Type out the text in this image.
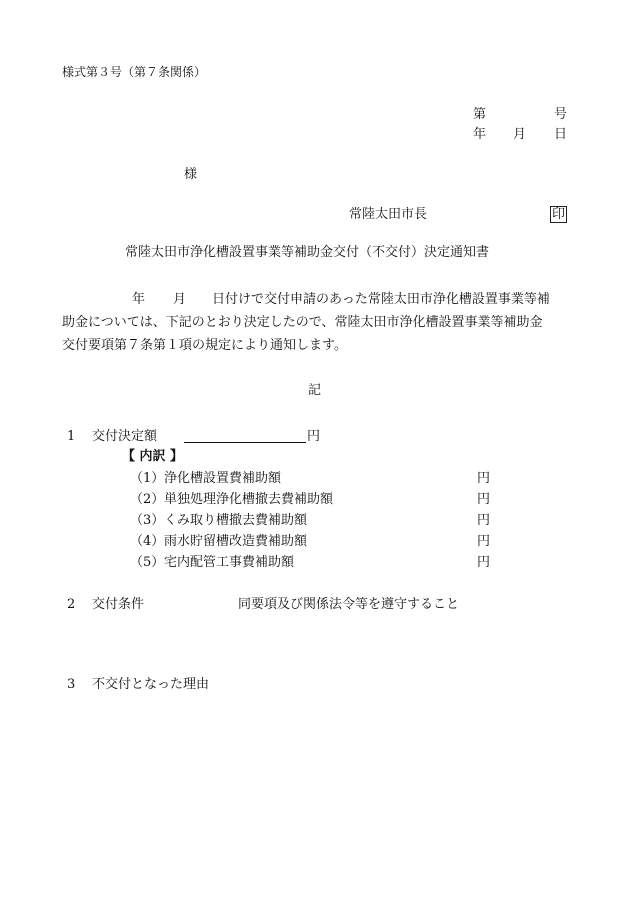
様式第３号（第７条関係）
第	号
年 月 日
様
常陸太田市長	印
常陸太田市浄化槽設置事業等補助金交付（不交付）決定通知書
年 月 日付けで交付申請のあった常陸太田市浄化槽設置事業等補
助金については、下記のとおり決定したので、常陸太田市浄化槽設置事業等補助金
交付要項第７条第１項の規定により通知します。
記
1 交付決定額	円
【 内訳 】
（1） 浄化槽設置費補助額	円
（2） 単独処理浄化槽撤去費補助額	円
（3） くみ取り槽撤去費補助額	円
（4） 雨水貯留槽改造費補助額	円
（5） 宅内配管工事費補助額	円
2 交付条件	同要項及び関係法令等を遵守すること
3 不交付となった理由
